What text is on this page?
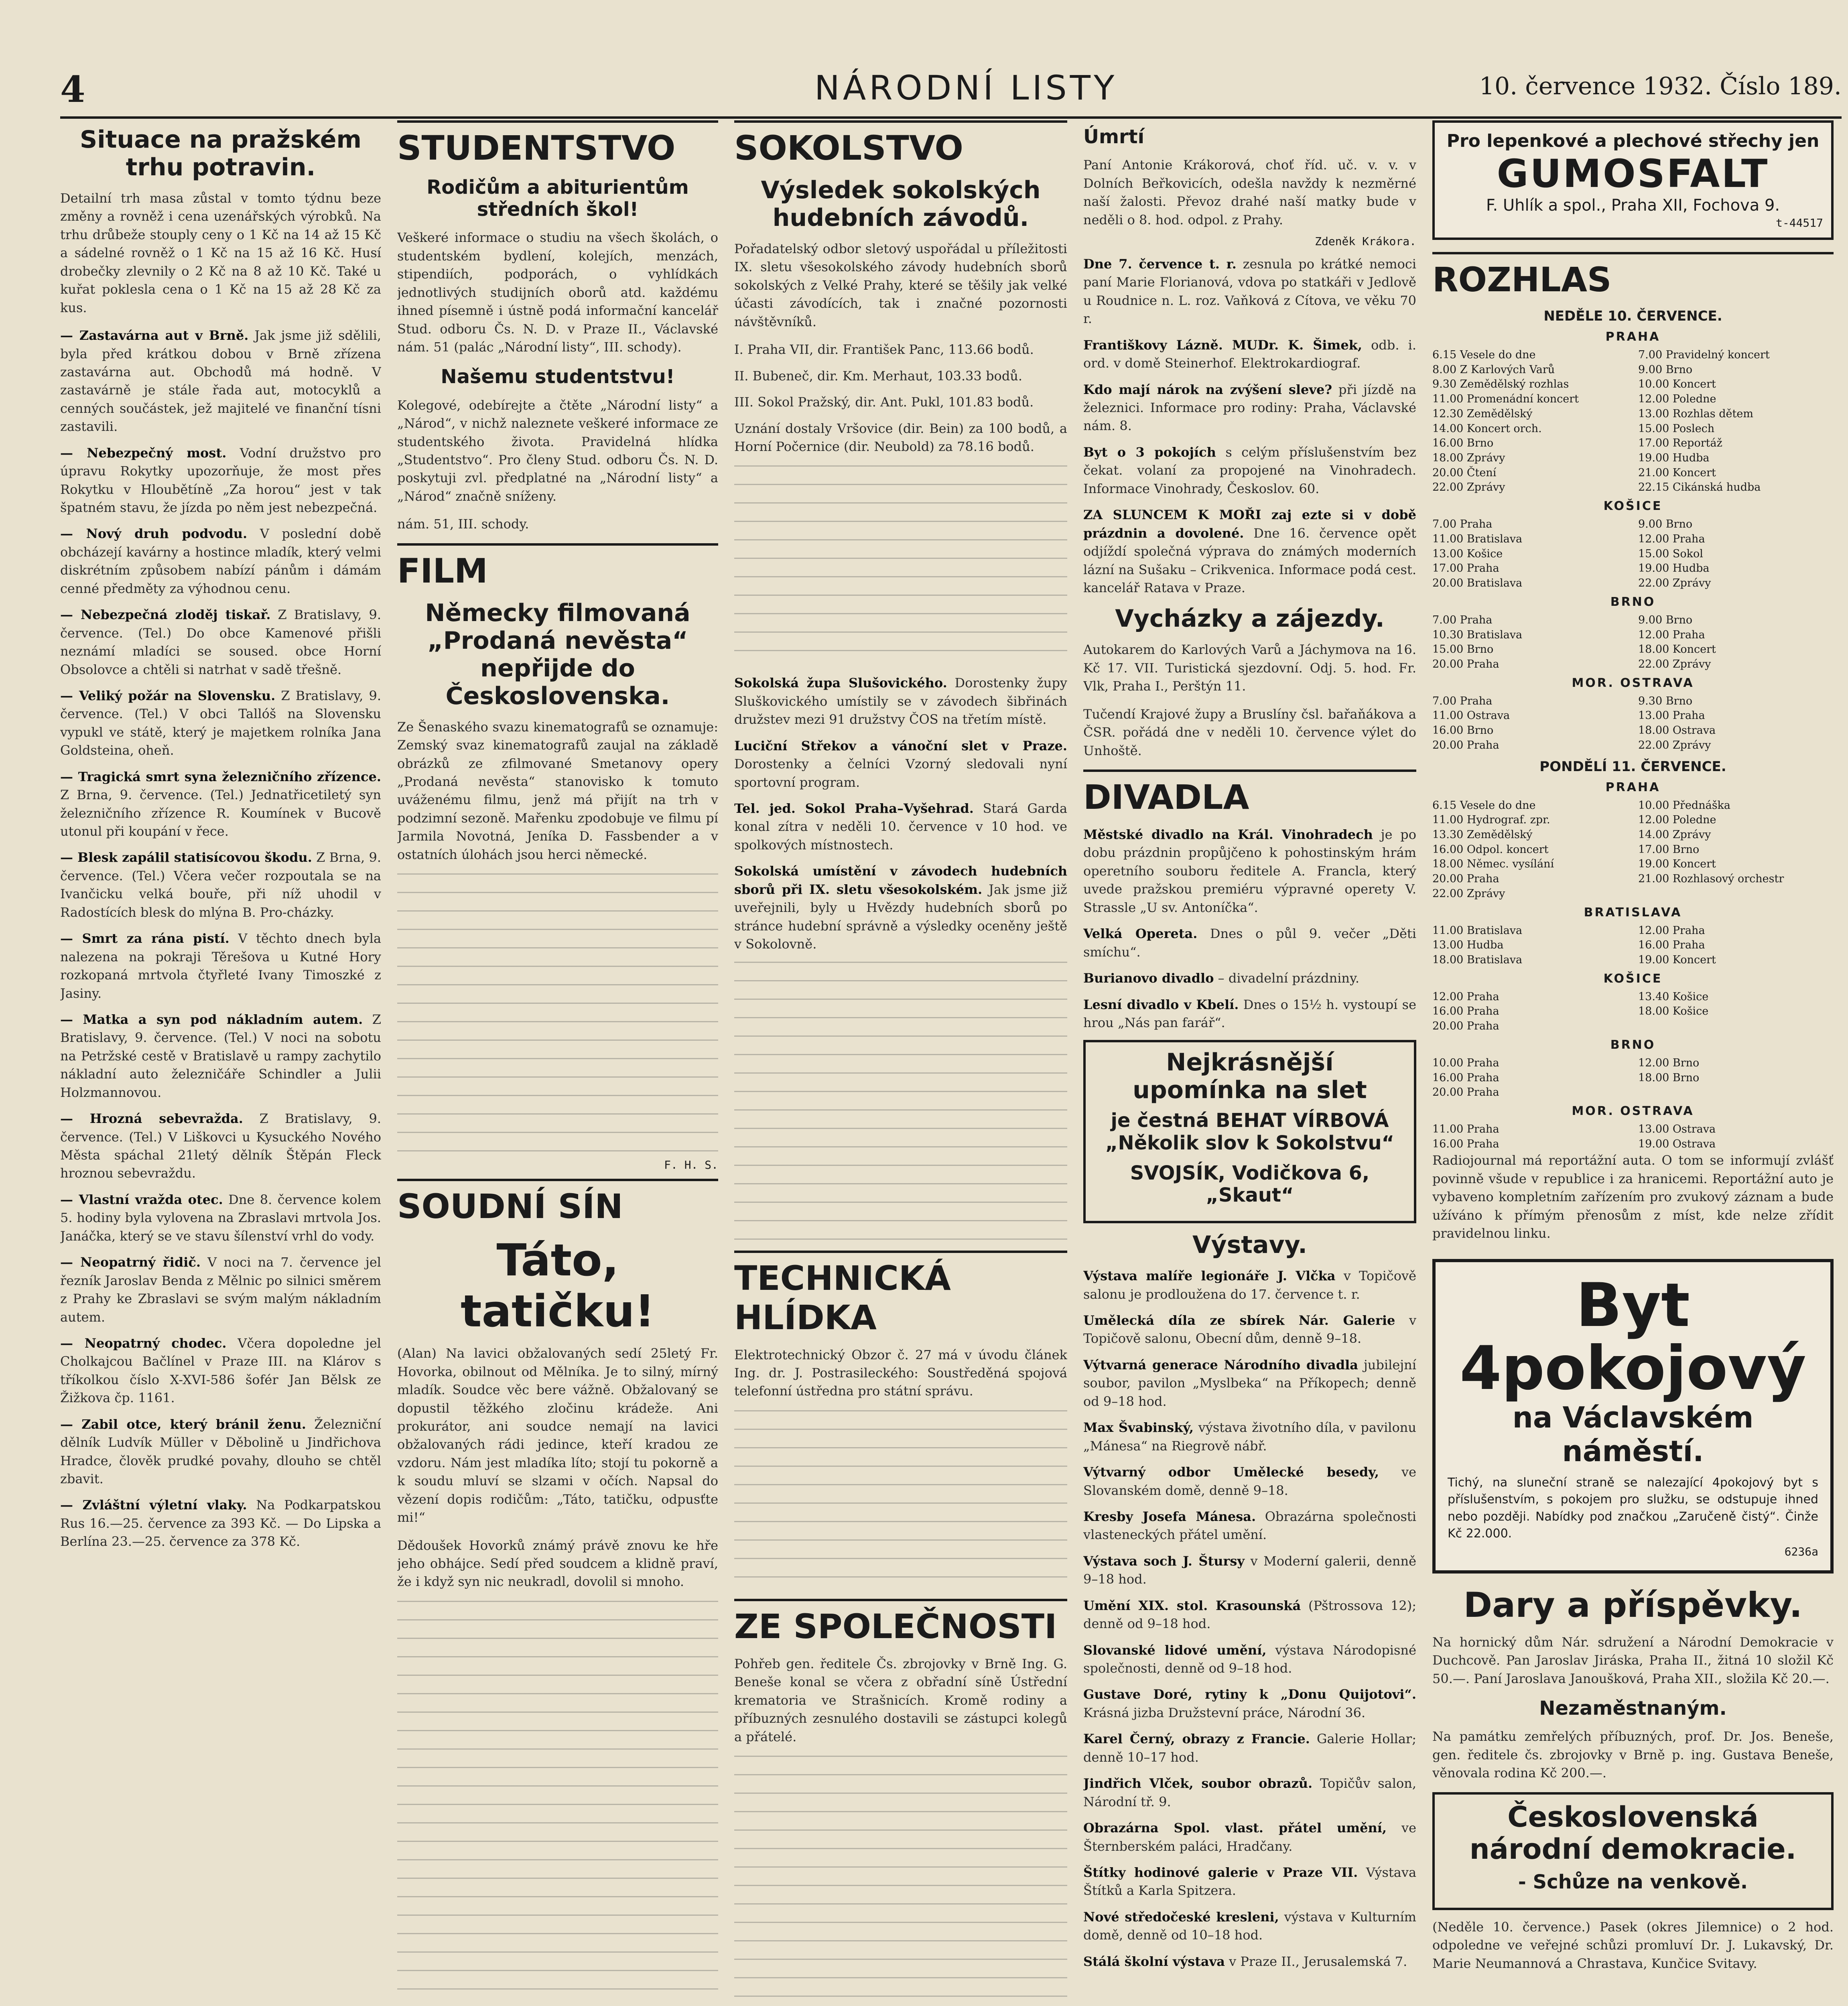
4	NÁRODNÍ LISTY	10. července 1932. Číslo 189.
Situace na pražském trhu potravin.
Detailní trh masa zůstal v tomto týdnu beze změny a rovněž i cena uzenářských výrobků. Na trhu drůbeže stouply ceny o 1 Kč na 14 až 15 Kč a sádelné rovněž o 1 Kč na 15 až 16 Kč. Husí drobečky zlevnily o 2 Kč na 8 až 10 Kč. Také u kuřat poklesla cena o 1 Kč na 15 až 28 Kč za kus.
— Zastavárna aut v Brně. Jak jsme již sdělili, byla před krátkou dobou v Brně zřízena zastavárna aut. Obchodů má hodně. V zastavárně je stále řada aut, motocyklů a cenných součástek, jež majitelé ve finanční tísni zastavili.
— Nebezpečný most. Vodní družstvo pro úpravu Rokytky upozorňuje, že most přes Rokytku v Hloubětíně „Za horou“ jest v tak špatném stavu, že jízda po něm jest nebezpečná.
— Nový druh podvodu. V poslední době obcházejí kavárny a hostince mladík, který velmi diskrétním způsobem nabízí pánům i dámám cenné předměty za výhodnou cenu.
— Nebezpečná zloděj tiskař. Z Bratislavy, 9. července. (Tel.) Do obce Kamenové přišli neznámí mladíci se soused. obce Horní Obsolovce a chtěli si natrhat v sadě třešně.
— Veliký požár na Slovensku. Z Bratislavy, 9. července. (Tel.) V obci Tallóš na Slovensku vypukl ve státě, který je majetkem rolníka Jana Goldsteina, oheň.
— Tragická smrt syna železničního zřízence. Z Brna, 9. července. (Tel.) Jednatřicetiletý syn železničního zřízence R. Koumínek v Bucově utonul při koupání v řece.
— Blesk zapálil statisícovou škodu. Z Brna, 9. července. (Tel.) Včera večer rozpoutala se na Ivančicku velká bouře, při níž uhodil v Radostících blesk do mlýna B. Pro-cházky.
— Smrt za rána pistí. V těchto dnech byla nalezena na pokraji Těrešova u Kutné Hory rozkopaná mrtvola čtyřleté Ivany Timoszké z Jasiny.
— Matka a syn pod nákladním autem. Z Bratislavy, 9. července. (Tel.) V noci na sobotu na Petržské cestě v Bratislavě u rampy zachytilo nákladní auto železničáře Schindler a Julii Holzmannovou.
— Hrozná sebevražda. Z Bratislavy, 9. července. (Tel.) V Liškovci u Kysuckého Nového Města spáchal 21letý dělník Štěpán Fleck hroznou sebevraždu.
— Vlastní vražda otec. Dne 8. července kolem 5. hodiny byla vylovena na Zbraslavi mrtvola Jos. Janáčka, který se ve stavu šílenství vrhl do vody.
— Neopatrný řidič. V noci na 7. července jel řezník Jaroslav Benda z Mělnic po silnici směrem z Prahy ke Zbraslavi se svým malým nákladním autem.
— Neopatrný chodec. Včera dopoledne jel Cholkajcou Bačlínel v Praze III. na Klárov s tříkolkou číslo X-XVI-586 šofér Jan Bělsk ze Žižkova čp. 1161.
— Zabil otce, který bránil ženu. Železniční dělník Ludvík Müller v Děbolině u Jindřichova Hradce, člověk prudké povahy, dlouho se chtěl zbavit.
— Zvláštní výletní vlaky. Na Podkarpatskou Rus 16.—25. července za 393 Kč. — Do Lipska a Berlína 23.—25. července za 378 Kč.
STUDENTSTVO
Rodičům a abiturientům středních škol!
Veškeré informace o studiu na všech školách, o studentském bydlení, kolejích, menzách, stipendiích, podporách, o vyhlídkách jednotlivých studijních oborů atd. každému ihned písemně i ústně podá informační kancelář Stud. odboru Čs. N. D. v Praze II., Václavské nám. 51 (palác „Národní listy“, III. schody).
Našemu studentstvu!
Kolegové, odebírejte a čtěte „Národní listy“ a „Národ“, v nichž naleznete veškeré informace ze studentského života. Pravidelná hlídka „Studentstvo“. Pro členy Stud. odboru Čs. N. D. poskytuji zvl. předplatné na „Národní listy“ a „Národ“ značně sníženy.
nám. 51, III. schody.
FILM
Německy filmovaná „Prodaná nevěsta“ nepřijde do Československa.
Ze Šenaského svazu kinematografů se oznamuje: Zemský svaz kinematografů zaujal na základě obrázků ze zfilmované Smetanovy opery „Prodaná nevěsta“ stanovisko k tomuto uváženému filmu, jenž má přijít na trh v podzimní sezoně. Mařenku zpodobuje ve filmu pí Jarmila Novotná, Jeníka D. Fassbender a v ostatních úlohách jsou herci německé.
F. H. S.
SOUDNÍ SÍN
Táto, tatičku!
(Alan) Na lavici obžalovaných sedí 25letý Fr. Hovorka, obilnout od Mělníka. Je to silný, mírný mladík. Soudce věc bere vážně. Obžalovaný se dopustil těžkého zločinu krádeže. Ani prokurátor, ani soudce nemají na lavici obžalovaných rádi jedince, kteří kradou ze vzdoru. Nám jest mladíka líto; stojí tu pokorně a k soudu mluví se slzami v očích. Napsal do vězení dopis rodičům: „Táto, tatičku, odpusťte mi!“
Dědoušek Hovorků známý právě znovu ke hře jeho obhájce. Sedí před soudcem a klidně praví, že i když syn nic neukradl, dovolil si mnoho.
SOKOLSTVO
Výsledek sokolských hudebních závodů.
Pořadatelský odbor sletový uspořádal u příležitosti IX. sletu všesokolského závody hudebních sborů sokolských z Velké Prahy, které se těšily jak velké účasti závodících, tak i značné pozornosti návštěvníků.
I. Praha VII, dir. František Panc, 113.66 bodů.
II. Bubeneč, dir. Km. Merhaut, 103.33 bodů.
III. Sokol Pražský, dir. Ant. Pukl, 101.83 bodů.
Uznání dostaly Vršovice (dir. Bein) za 100 bodů, a Horní Počernice (dir. Neubold) za 78.16 bodů.
Sokolská župa Slušovického. Dorostenky župy Sluškovického umístily se v závodech šibřinách družstev mezi 91 družstvy ČOS na třetím místě.
Luciční Střekov a vánoční slet v Praze. Dorostenky a čelníci Vzorný sledovali nyní sportovní program.
Tel. jed. Sokol Praha–Vyšehrad. Stará Garda konal zítra v neděli 10. července v 10 hod. ve spolkových místnostech.
Sokolská umístění v závodech hudebních sborů při IX. sletu všesokolském. Jak jsme již uveřejnili, byly u Hvězdy hudebních sborů po stránce hudební správně a výsledky oceněny ještě v Sokolovně.
TECHNICKÁ HLÍDKA
Elektrotechnický Obzor č. 27 má v úvodu článek Ing. dr. J. Postrasileckého: Soustředěná spojová telefonní ústředna pro státní správu.
ZE SPOLEČNOSTI
Pohřeb gen. ředitele Čs. zbrojovky v Brně Ing. G. Beneše konal se včera z obřadní síně Ústřední krematoria ve Strašnicích. Kromě rodiny a příbuzných zesnulého dostavili se zástupci kolegů a přátelé.
Úmrtí
Paní Antonie Krákorová, choť říd. uč. v. v. v Dolních Beřkovicích, odešla navždy k nezměrné naší žalosti. Převoz drahé naší matky bude v neděli o 8. hod. odpol. z Prahy.
Zdeněk Krákora.
Dne 7. července t. r. zesnula po krátké nemoci paní Marie Florianová, vdova po statkáři v Jedlově u Roudnice n. L. roz. Vaňková z Cítova, ve věku 70 r.
Františkovy Lázně. MUDr. K. Šimek, odb. i. ord. v domě Steinerhof. Elektrokardiograf.
Kdo mají nárok na zvýšení sleve? při jízdě na železnici. Informace pro rodiny: Praha, Václavské nám. 8.
Byt o 3 pokojích s celým příslušenstvím bez čekat. volaní za propojené na Vinohradech. Informace Vinohrady, Českoslov. 60.
ZA SLUNCEM K MOŘI zaj ezte si v době prázdnin a dovolené. Dne 16. července opět odjíždí společná výprava do známých moderních lázní na Sušaku – Crikvenica. Informace podá cest. kancelář Ratava v Praze.
Vycházky a zájezdy.
Autokarem do Karlových Varů a Jáchymova na 16. Kč 17. VII. Turistická sjezdovní. Odj. 5. hod. Fr. Vlk, Praha I., Perštýn 11.
Tučendí Krajové župy a Bruslíny čsl. bařaňákova a ČSR. pořádá dne v neděli 10. července výlet do Unhoště.
DIVADLA
Městské divadlo na Král. Vinohradech je po dobu prázdnin propůjčeno k pohostinským hrám operetního souboru ředitele A. Francla, který uvede pražskou premiéru výpravné operety V. Strassle „U sv. Antoníčka“.
Velká Opereta. Dnes o půl 9. večer „Děti smíchu“.
Burianovo divadlo – divadelní prázdniny.
Lesní divadlo v Kbelí. Dnes o 15½ h. vystoupí se hrou „Nás pan farář“.
Nejkrásnější upomínka na slet
je čestná BEHAT VÍRBOVÁ „Několik slov k Sokolstvu“
SVOJSÍK, Vodičkova 6, „Skaut“
Výstavy.
Výstava malíře legionáře J. Vlčka v Topičově salonu je prodloužena do 17. července t. r.
Umělecká díla ze sbírek Nár. Galerie v Topičově salonu, Obecní dům, denně 9–18.
Výtvarná generace Národního divadla jubilejní soubor, pavilon „Myslbeka“ na Příkopech; denně od 9–18 hod.
Max Švabinský, výstava životního díla, v pavilonu „Mánesa“ na Riegrově nábř.
Výtvarný odbor Umělecké besedy, ve Slovanském domě, denně 9–18.
Kresby Josefa Mánesa. Obrazárna společnosti vlasteneckých přátel umění.
Výstava soch J. Štursy v Moderní galerii, denně 9–18 hod.
Umění XIX. stol. Krasounská (Pštrossova 12); denně od 9–18 hod.
Slovanské lidové umění, výstava Národopisné společnosti, denně od 9–18 hod.
Gustave Doré, rytiny k „Donu Quijotovi“. Krásná jizba Družstevní práce, Národní 36.
Karel Černý, obrazy z Francie. Galerie Hollar; denně 10–17 hod.
Jindřich Vlček, soubor obrazů. Topičův salon, Národní tř. 9.
Obrazárna Spol. vlast. přátel umění, ve Šternberském paláci, Hradčany.
Štítky hodinové galerie v Praze VII. Výstava Štítků a Karla Spitzera.
Nové středočeské kresleni, výstava v Kulturním domě, denně od 10–18 hod.
Stálá školní výstava v Praze II., Jerusalemská 7.
Pro lepenkové a plechové střechy jen
GUMOSFALT
F. Uhlík a spol., Praha XII, Fochova 9.
t-44517
ROZHLAS
NEDĚLE 10. ČERVENCE.
PRAHA
6.15 Vesele do dne	7.00 Pravidelný koncert
8.00 Z Karlových Varů	9.00 Brno
9.30 Zemědělský rozhlas	10.00 Koncert
11.00 Promenádní koncert	12.00 Poledne
12.30 Zemědělský	13.00 Rozhlas dětem
14.00 Koncert orch.	15.00 Poslech
16.00 Brno	17.00 Reportáž
18.00 Zprávy	19.00 Hudba
20.00 Čtení	21.00 Koncert
22.00 Zprávy	22.15 Cikánská hudba
KOŠICE
7.00 Praha	9.00 Brno
11.00 Bratislava	12.00 Praha
13.00 Košice	15.00 Sokol
17.00 Praha	19.00 Hudba
20.00 Bratislava	22.00 Zprávy
BRNO
7.00 Praha	9.00 Brno
10.30 Bratislava	12.00 Praha
15.00 Brno	18.00 Koncert
20.00 Praha	22.00 Zprávy
MOR. OSTRAVA
7.00 Praha	9.30 Brno
11.00 Ostrava	13.00 Praha
16.00 Brno	18.00 Ostrava
20.00 Praha	22.00 Zprávy
PONDĚLÍ 11. ČERVENCE.
PRAHA
6.15 Vesele do dne	10.00 Přednáška
11.00 Hydrograf. zpr.	12.00 Poledne
13.30 Zemědělský	14.00 Zprávy
16.00 Odpol. koncert	17.00 Brno
18.00 Němec. vysílání	19.00 Koncert
20.00 Praha	21.00 Rozhlasový orchestr
22.00 Zprávy
BRATISLAVA
11.00 Bratislava	12.00 Praha
13.00 Hudba	16.00 Praha
18.00 Bratislava	19.00 Koncert
KOŠICE
12.00 Praha	13.40 Košice
16.00 Praha	18.00 Košice
20.00 Praha
BRNO
10.00 Praha	12.00 Brno
16.00 Praha	18.00 Brno
20.00 Praha
MOR. OSTRAVA
11.00 Praha	13.00 Ostrava
16.00 Praha	19.00 Ostrava
Radiojournal má reportážní auta. O tom se informují zvlášť povinně všude v republice i za hranicemi. Reportážní auto je vybaveno kompletním zařízením pro zvukový záznam a bude užíváno k přímým přenosům z míst, kde nelze zřídit pravidelnou linku.
Byt 4pokojový
na Václavském náměstí.
Tichý, na sluneční straně se nalezající 4pokojový byt s příslušenstvím, s pokojem pro služku, se odstupuje ihned nebo později. Nabídky pod značkou „Zaručeně čistý“. Činže Kč 22.000.
6236a
Dary a příspěvky.
Na hornický dům Nár. sdružení a Národní Demokracie v Duchcově. Pan Jaroslav Jiráska, Praha II., žitná 10 složil Kč 50.—. Paní Jaroslava Janoušková, Praha XII., složila Kč 20.—.
Nezaměstnaným.
Na památku zemřelých příbuzných, prof. Dr. Jos. Beneše, gen. ředitele čs. zbrojovky v Brně p. ing. Gustava Beneše, věnovala rodina Kč 200.—.
Československá národní demokracie.
- Schůze na venkově.
(Neděle 10. července.) Pasek (okres Jilemnice) o 2 hod. odpoledne ve veřejné schůzi promluví Dr. J. Lukavský, Dr. Marie Neumannová a Chrastava, Kunčice Svitavy.
